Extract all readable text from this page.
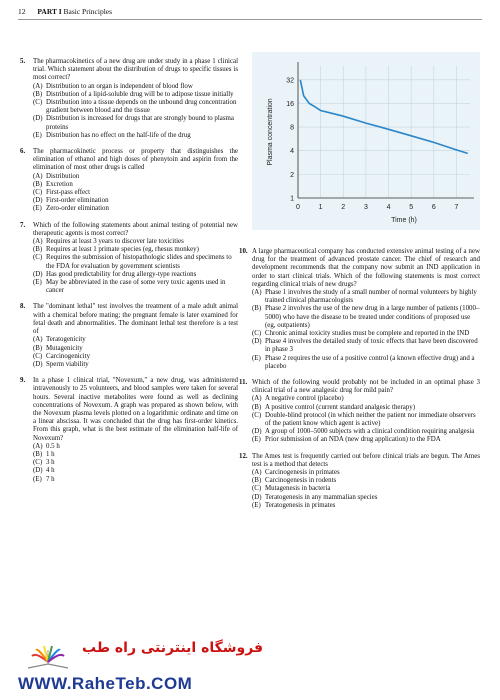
12 PART I Basic Principles
5. The pharmacokinetics of a new drug are under study in a phase 1 clinical trial. Which statement about the distribution of drugs to specific tissues is most correct?
(A) Distribution to an organ is independent of blood flow
(B) Distribution of a lipid-soluble drug will be to adipose tissue initially
(C) Distribution into a tissue depends on the unbound drug concentration gradient between blood and the tissue
(D) Distribution is increased for drugs that are strongly bound to plasma proteins
(E) Distribution has no effect on the half-life of the drug
6. The pharmacokinetic process or property that distinguishes the elimination of ethanol and high doses of phenytoin and aspirin from the elimination of most other drugs is called
(A) Distribution
(B) Excretion
(C) First-pass effect
(D) First-order elimination
(E) Zero-order elimination
7. Which of the following statements about animal testing of potential new therapeutic agents is most correct?
(A) Requires at least 3 years to discover late toxicities
(B) Requires at least 1 primate species (eg, rhesus monkey)
(C) Requires the submission of histopathologic slides and specimens to the FDA for evaluation by government scientists
(D) Has good predictability for drug allergy-type reactions
(E) May be abbreviated in the case of some very toxic agents used in cancer
8. The "dominant lethal" test involves the treatment of a male adult animal with a chemical before mating; the pregnant female is later examined for fetal death and abnormalities. The dominant lethal test therefore is a test of
(A) Teratogenicity
(B) Mutagenicity
(C) Carcinogenicity
(D) Sperm viability
9. In a phase 1 clinical trial, "Novexum," a new drug, was administered intravenously to 25 volunteers, and blood samples were taken for several hours. Several inactive metabolites were found as well as declining concentrations of Novexum. A graph was prepared as shown below, with the Novexum plasma levels plotted on a logarithmic ordinate and time on a linear abscissa. It was concluded that the drug has first-order kinetics. From this graph, what is the best estimate of the elimination half-life of Novexum?
(A) 0.5 h
(B) 1 h
(C) 3 h
(D) 4 h
(E) 7 h
10. A large pharmaceutical company has conducted extensive animal testing of a new drug for the treatment of advanced prostate cancer. The chief of research and development recommends that the company now submit an IND application in order to start clinical trials. Which of the following statements is most correct regarding clinical trials of new drugs?
(A) Phase 1 involves the study of a small number of normal volunteers by highly trained clinical pharmacologists
(B) Phase 2 involves the use of the new drug in a large number of patients (1000–5000) who have the disease to be treated under conditions of proposed use (eg, outpatients)
(C) Chronic animal toxicity studies must be complete and reported in the IND
(D) Phase 4 involves the detailed study of toxic effects that have been discovered in phase 3
(E) Phase 2 requires the use of a positive control (a known effective drug) and a placebo
11. Which of the following would probably not be included in an optimal phase 3 clinical trial of a new analgesic drug for mild pain?
(A) A negative control (placebo)
(B) A positive control (current standard analgesic therapy)
(C) Double-blind protocol (in which neither the patient nor immediate observers of the patient know which agent is active)
(D) A group of 1000–5000 subjects with a clinical condition requiring analgesia
(E) Prior submission of an NDA (new drug application) to the FDA
12. The Ames test is frequently carried out before clinical trials are begun. The Ames test is a method that detects
(A) Carcinogenesis in primates
(B) Carcinogenesis in rodents
(C) Mutagenesis in bacteria
(D) Teratogenesis in any mammalian species
(E) Teratogenesis in primates
0	1	2	3	4	5	6	7
1
2
4
8
16
32
Time (h)
Plasma concentration
فروشگاه اینترنتی راه طب
WWW.RaheTeb.COM
